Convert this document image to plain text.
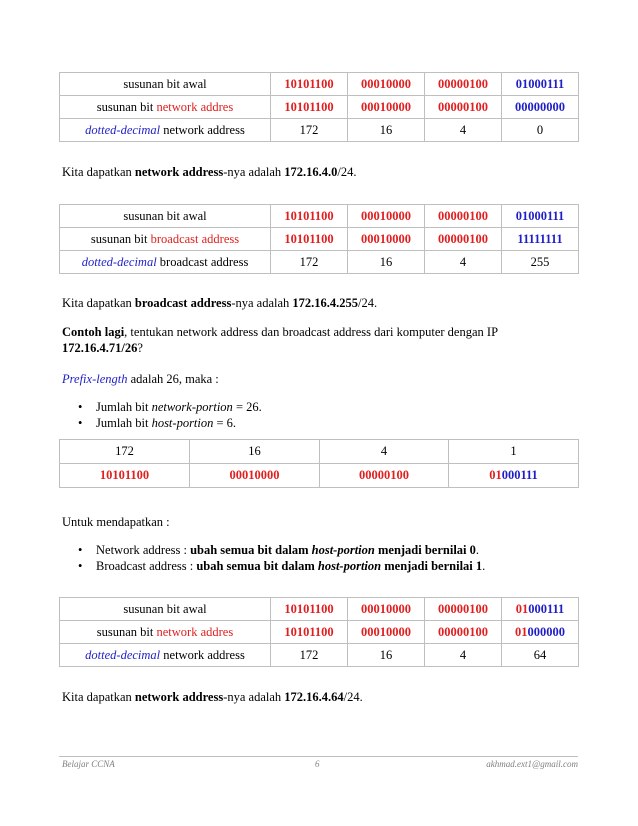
susunan bit awal	10101100	00010000	00000100	01000111
susunan bit network addres	10101100	00010000	00000100	00000000
dotted-decimal network address	172	16	4	0

Kita dapatkan network address-nya adalah 172.16.4.0/24.

susunan bit awal	10101100	00010000	00000100	01000111
susunan bit broadcast address	10101100	00010000	00000100	11111111
dotted-decimal broadcast address	172	16	4	255

Kita dapatkan broadcast address-nya adalah 172.16.4.255/24.

Contoh lagi, tentukan network address dan broadcast address dari komputer dengan IP

172.16.4.71/26?

Prefix-length adalah 26, maka :

• Jumlah bit network-portion = 26.

• Jumlah bit host-portion = 6.

172	16	4	1
10101100	00010000	00000100	01000111

Untuk mendapatkan :

• Network address : ubah semua bit dalam host-portion menjadi bernilai 0.

• Broadcast address : ubah semua bit dalam host-portion menjadi bernilai 1.

susunan bit awal	10101100	00010000	00000100	01000111
susunan bit network addres	10101100	00010000	00000100	01000000
dotted-decimal network address	172	16	4	64

Kita dapatkan network address-nya adalah 172.16.4.64/24.

Belajar CCNA	6	akhmad.ext1@gmail.com
